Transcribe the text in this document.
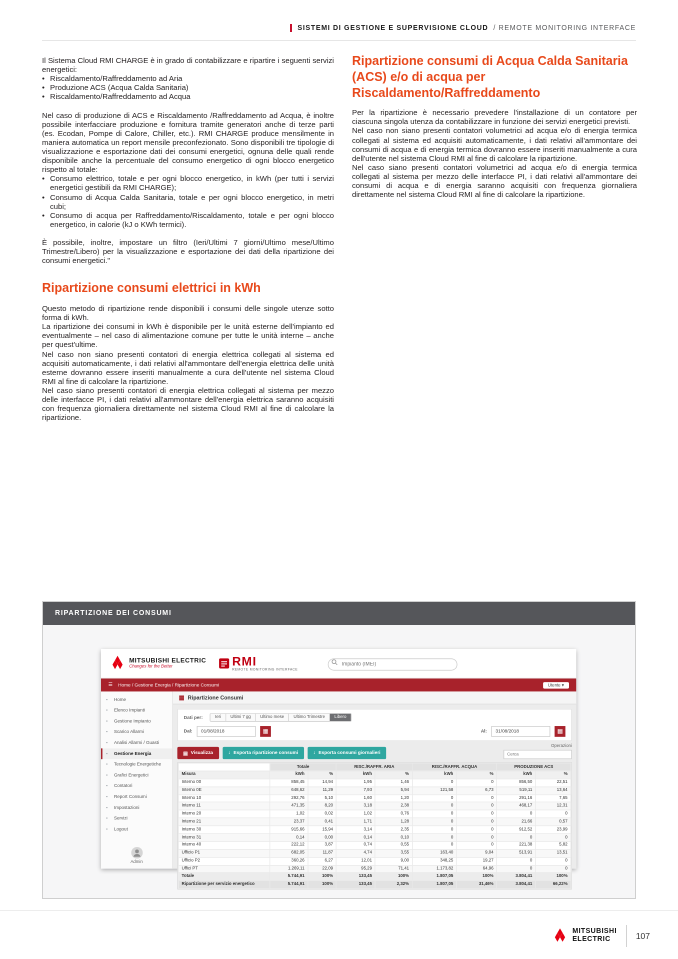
SISTEMI DI GESTIONE E SUPERVISIONE CLOUD / REMOTE MONITORING INTERFACE

Il Sistema Cloud RMI CHARGE è in grado di contabilizzare e ripartire i seguenti servizi energetici:

• Riscaldamento/Raffreddamento ad Aria
• Produzione ACS (Acqua Calda Sanitaria)
• Riscaldamento/Raffreddamento ad Acqua

Nel caso di produzione di ACS e Riscaldamento /Raffreddamento ad Acqua, è inoltre possibile interfacciare produzione e fornitura tramite generatori anche di terze parti (es. Ecodan, Pompe di Calore, Chiller, etc.). RMI CHARGE produce mensilmente in maniera automatica un report mensile preconfezionato. Sono disponibili tre tipologie di visualizzazione e esportazione dati dei consumi energetici, ognuna delle quali rende disponibile anche la percentuale del consumo energetico di ogni blocco energetico rispetto al totale:

• Consumo elettrico, totale e per ogni blocco energetico, in kWh (per tutti i servizi energetici gestibili da RMI CHARGE);
• Consumo di Acqua Calda Sanitaria, totale e per ogni blocco energetico, in metri cubi;
• Consumo di acqua per Raffreddamento/Riscaldamento, totale e per ogni blocco energetico, in calorie (kJ o KWh termici).

È possibile, inoltre, impostare un filtro (Ieri/Ultimi 7 giorni/Ultimo mese/Ultimo Trimestre/Libero) per la visualizzazione e esportazione dei dati della ripartizione dei consumi energetici."

Ripartizione consumi elettrici in kWh

Questo metodo di ripartizione rende disponibili i consumi delle singole utenze sotto forma di kWh.

La ripartizione dei consumi in kWh è disponibile per le unità esterne dell'impianto ed eventualmente – nel caso di alimentazione comune per tutte le unità interne – anche per quest'ultime.

Nel caso non siano presenti contatori di energia elettrica collegati al sistema ed acquisiti automaticamente, i dati relativi all'ammontare dell'energia elettrica delle unità esterne dovranno essere inseriti manualmente a cura dell'utente nel sistema Cloud RMI al fine di calcolare la ripartizione.

Nel caso siano presenti contatori di energia elettrica collegati al sistema per mezzo delle interfacce PI, i dati relativi all'ammontare dell'energia elettrica saranno acquisiti con frequenza giornaliera direttamente nel sistema Cloud RMI al fine di calcolare la ripartizione.

Ripartizione consumi di Acqua Calda Sanitaria (ACS) e/o di acqua per Riscaldamento/Raffreddamento

Per la ripartizione è necessario prevedere l'installazione di un contatore per ciascuna singola utenza da contabilizzare in funzione dei servizi energetici previsti.

Nel caso non siano presenti contatori volumetrici ad acqua e/o di energia termica collegati al sistema ed acquisiti automaticamente, i dati relativi all'ammontare dei consumi di acqua e di energia termica dovranno essere inseriti manualmente a cura dell'utente nel sistema Cloud RMI al fine di calcolare la ripartizione.

Nel caso siano presenti contatori volumetrici ad acqua e/o di energia termica collegati al sistema per mezzo delle interfacce PI, i dati relativi all'ammontare dei consumi di acqua e di energia saranno acquisiti con frequenza giornaliera direttamente nel sistema Cloud RMI al fine di calcolare la ripartizione.

RIPARTIZIONE DEI CONSUMI
MITSUBISHI ELECTRIC
Changes for the Better	RMI
REMOTE MONITORING INTERFACE
Impianto (IMEI)
≡ Home / Gestione Energia / Ripartizione Consumi	Utente ▾
▪	Home
▪	Elenco Impianti
▪	Gestione Impianto
▪	Scarico Allarmi
▪	Analisi Allarmi / Guasti
▪	Gestione Energia
▪	Tecnologie Energetiche
▪	Grafici Energetici
▪	Contatori
▪	Report Consumi
▪	Impostazioni
▪	Servizi
▪	Logout
Admin
▦ Ripartizione Consumi
Dati per:	Ieri	Ultimi 7 gg	Ultimo mese	Ultimo Trimestre	Libero
Dal:
01/08/2018	▦	Al:
31/08/2018	▦
▤ Visualizza ↓ Esporta ripartizione consumi ↓ Esporta consumi giornalieri
Operazioni
Cerca
	Totale		RISC./RAFFR. ARIA		RISC./RAFFR. ACQUA		PRODUZIONE ACS	
Misura	kWh	%	kWh	%	kWh	%	kWh	%
Interno 00	858,45	14,94	1,95	1,46	0	0	856,50	22,51
Interno 0E	648,62	11,29	7,93	5,94	121,58	6,73	519,11	13,64
Interno 10	292,76	5,10	1,60	1,20	0	0	291,16	7,65
Interno 11	471,35	8,20	3,18	2,38	0	0	468,17	12,31
Interno 20	1,02	0,02	1,02	0,76	0	0	0	0
Interno 21	23,37	0,41	1,71	1,28	0	0	21,66	0,57
Interno 30	915,66	15,94	3,14	2,35	0	0	912,52	23,99
Interno 31	0,14	0,00	0,14	0,10	0	0	0	0
Interno 40	222,12	3,87	0,74	0,55	0	0	221,38	5,82
Ufficio P1	682,05	11,87	4,74	3,55	163,40	9,04	513,91	13,51
Ufficio P2	360,26	6,27	12,01	9,00	348,25	19,27	0	0
Uffici PT	1.269,11	22,09	95,29	71,41	1.173,82	64,96	0	0
Totale	5.744,91	100%	133,45	100%	1.807,05	100%	3.804,41	100%
Ripartizione per servizio energetico	5.744,91	100%	133,45	2,32%	1.807,05	31,46%	3.804,41	66,22%
MITSUBISHI
ELECTRIC	107
